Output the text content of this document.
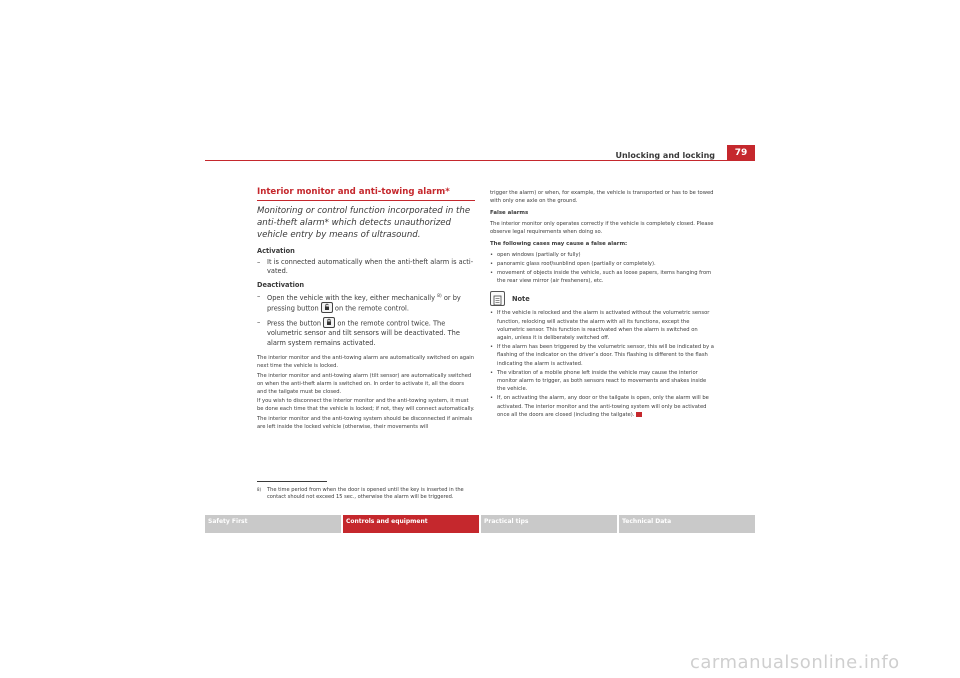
Unlocking and locking	79
Interior monitor and anti-towing alarm*

Monitoring or control function incorporated in the anti-theft alarm* which detects unauthorized vehicle entry by means of ultrasound.

Activation
– It is connected automatically when the anti-theft alarm is activated.
Deactivation
– Open the vehicle with the key, either mechanically $^{8)}$ or by pressing button
on the remote control.
– Press the button
on the remote control twice. The volumetric sensor and tilt sensors will be deactivated. The alarm system remains activated.

The interior monitor and the anti-towing alarm are automatically switched on again next time the vehicle is locked.

The interior monitor and anti-towing alarm (tilt sensor) are automatically switched on when the anti-theft alarm is switched on. In order to activate it, all the doors and the tailgate must be closed.

If you wish to disconnect the interior monitor and the anti-towing system, it must be done each time that the vehicle is locked; if not, they will connect automatically.

The interior monitor and the anti-towing system should be disconnected if animals are left inside the locked vehicle (otherwise, their movements will

8)	The time period from when the door is opened until the key is inserted in the contact should not exceed 15 sec., otherwise the alarm will be triggered.

trigger the alarm) or when, for example, the vehicle is transported or has to be towed with only one axle on the ground.

False alarms

The interior monitor only operates correctly if the vehicle is completely closed. Please observe legal requirements when doing so.

The following cases may cause a false alarm:
• open windows (partially or fully)
• panoramic glass roof/sunblind open (partially or completely).
• movement of objects inside the vehicle, such as loose papers, items hanging from the rear view mirror (air fresheners), etc.
Note
• If the vehicle is relocked and the alarm is activated without the volumetric sensor function, relocking will activate the alarm with all its functions, except the volumetric sensor. This function is reactivated when the alarm is switched on again, unless it is deliberately switched off.
• If the alarm has been triggered by the volumetric sensor, this will be indicated by a flashing of the indicator on the driver’s door. This flashing is different to the flash indicating the alarm is activated.
• The vibration of a mobile phone left inside the vehicle may cause the interior monitor alarm to trigger, as both sensors react to movements and shakes inside the vehicle.
• If, on activating the alarm, any door or the tailgate is open, only the alarm will be activated. The interior monitor and the anti-towing system will only be activated once all the doors are closed (including the tailgate).
Safety First	Controls and equipment	Practical tips	Technical Data
carmanualsonline.info
